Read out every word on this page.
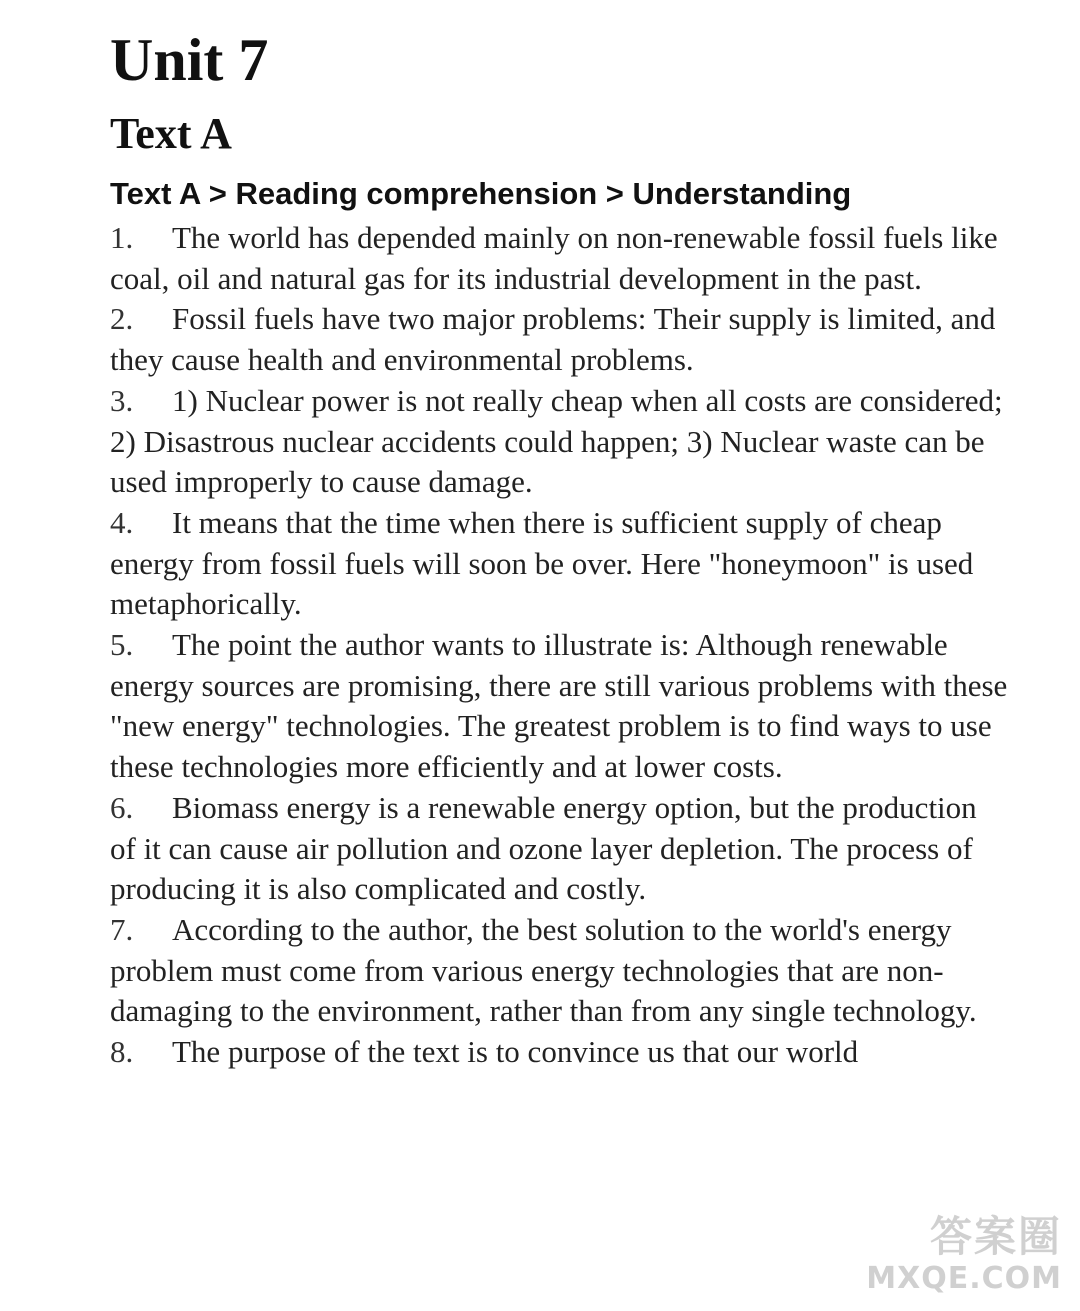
Unit 7
Text A
Text A > Reading comprehension > Understanding
1. The world has depended mainly on non-renewable fossil fuels like coal, oil and natural gas for its industrial development in the past.
2. Fossil fuels have two major problems: Their supply is limited, and they cause health and environmental problems.
3. 1) Nuclear power is not really cheap when all costs are considered; 2) Disastrous nuclear accidents could happen; 3) Nuclear waste can be used improperly to cause damage.
4. It means that the time when there is sufficient supply of cheap energy from fossil fuels will soon be over. Here "honeymoon" is used metaphorically.
5. The point the author wants to illustrate is: Although renewable energy sources are promising, there are still various problems with these "new energy" technologies. The greatest problem is to find ways to use these technologies more efficiently and at lower costs.
6. Biomass energy is a renewable energy option, but the production of it can cause air pollution and ozone layer depletion. The process of producing it is also complicated and costly.
7. According to the author, the best solution to the world's energy problem must come from various energy technologies that are non-damaging to the environment, rather than from any single technology.
8. The purpose of the text is to convince us that our world
答案圈
MXQE.COM
